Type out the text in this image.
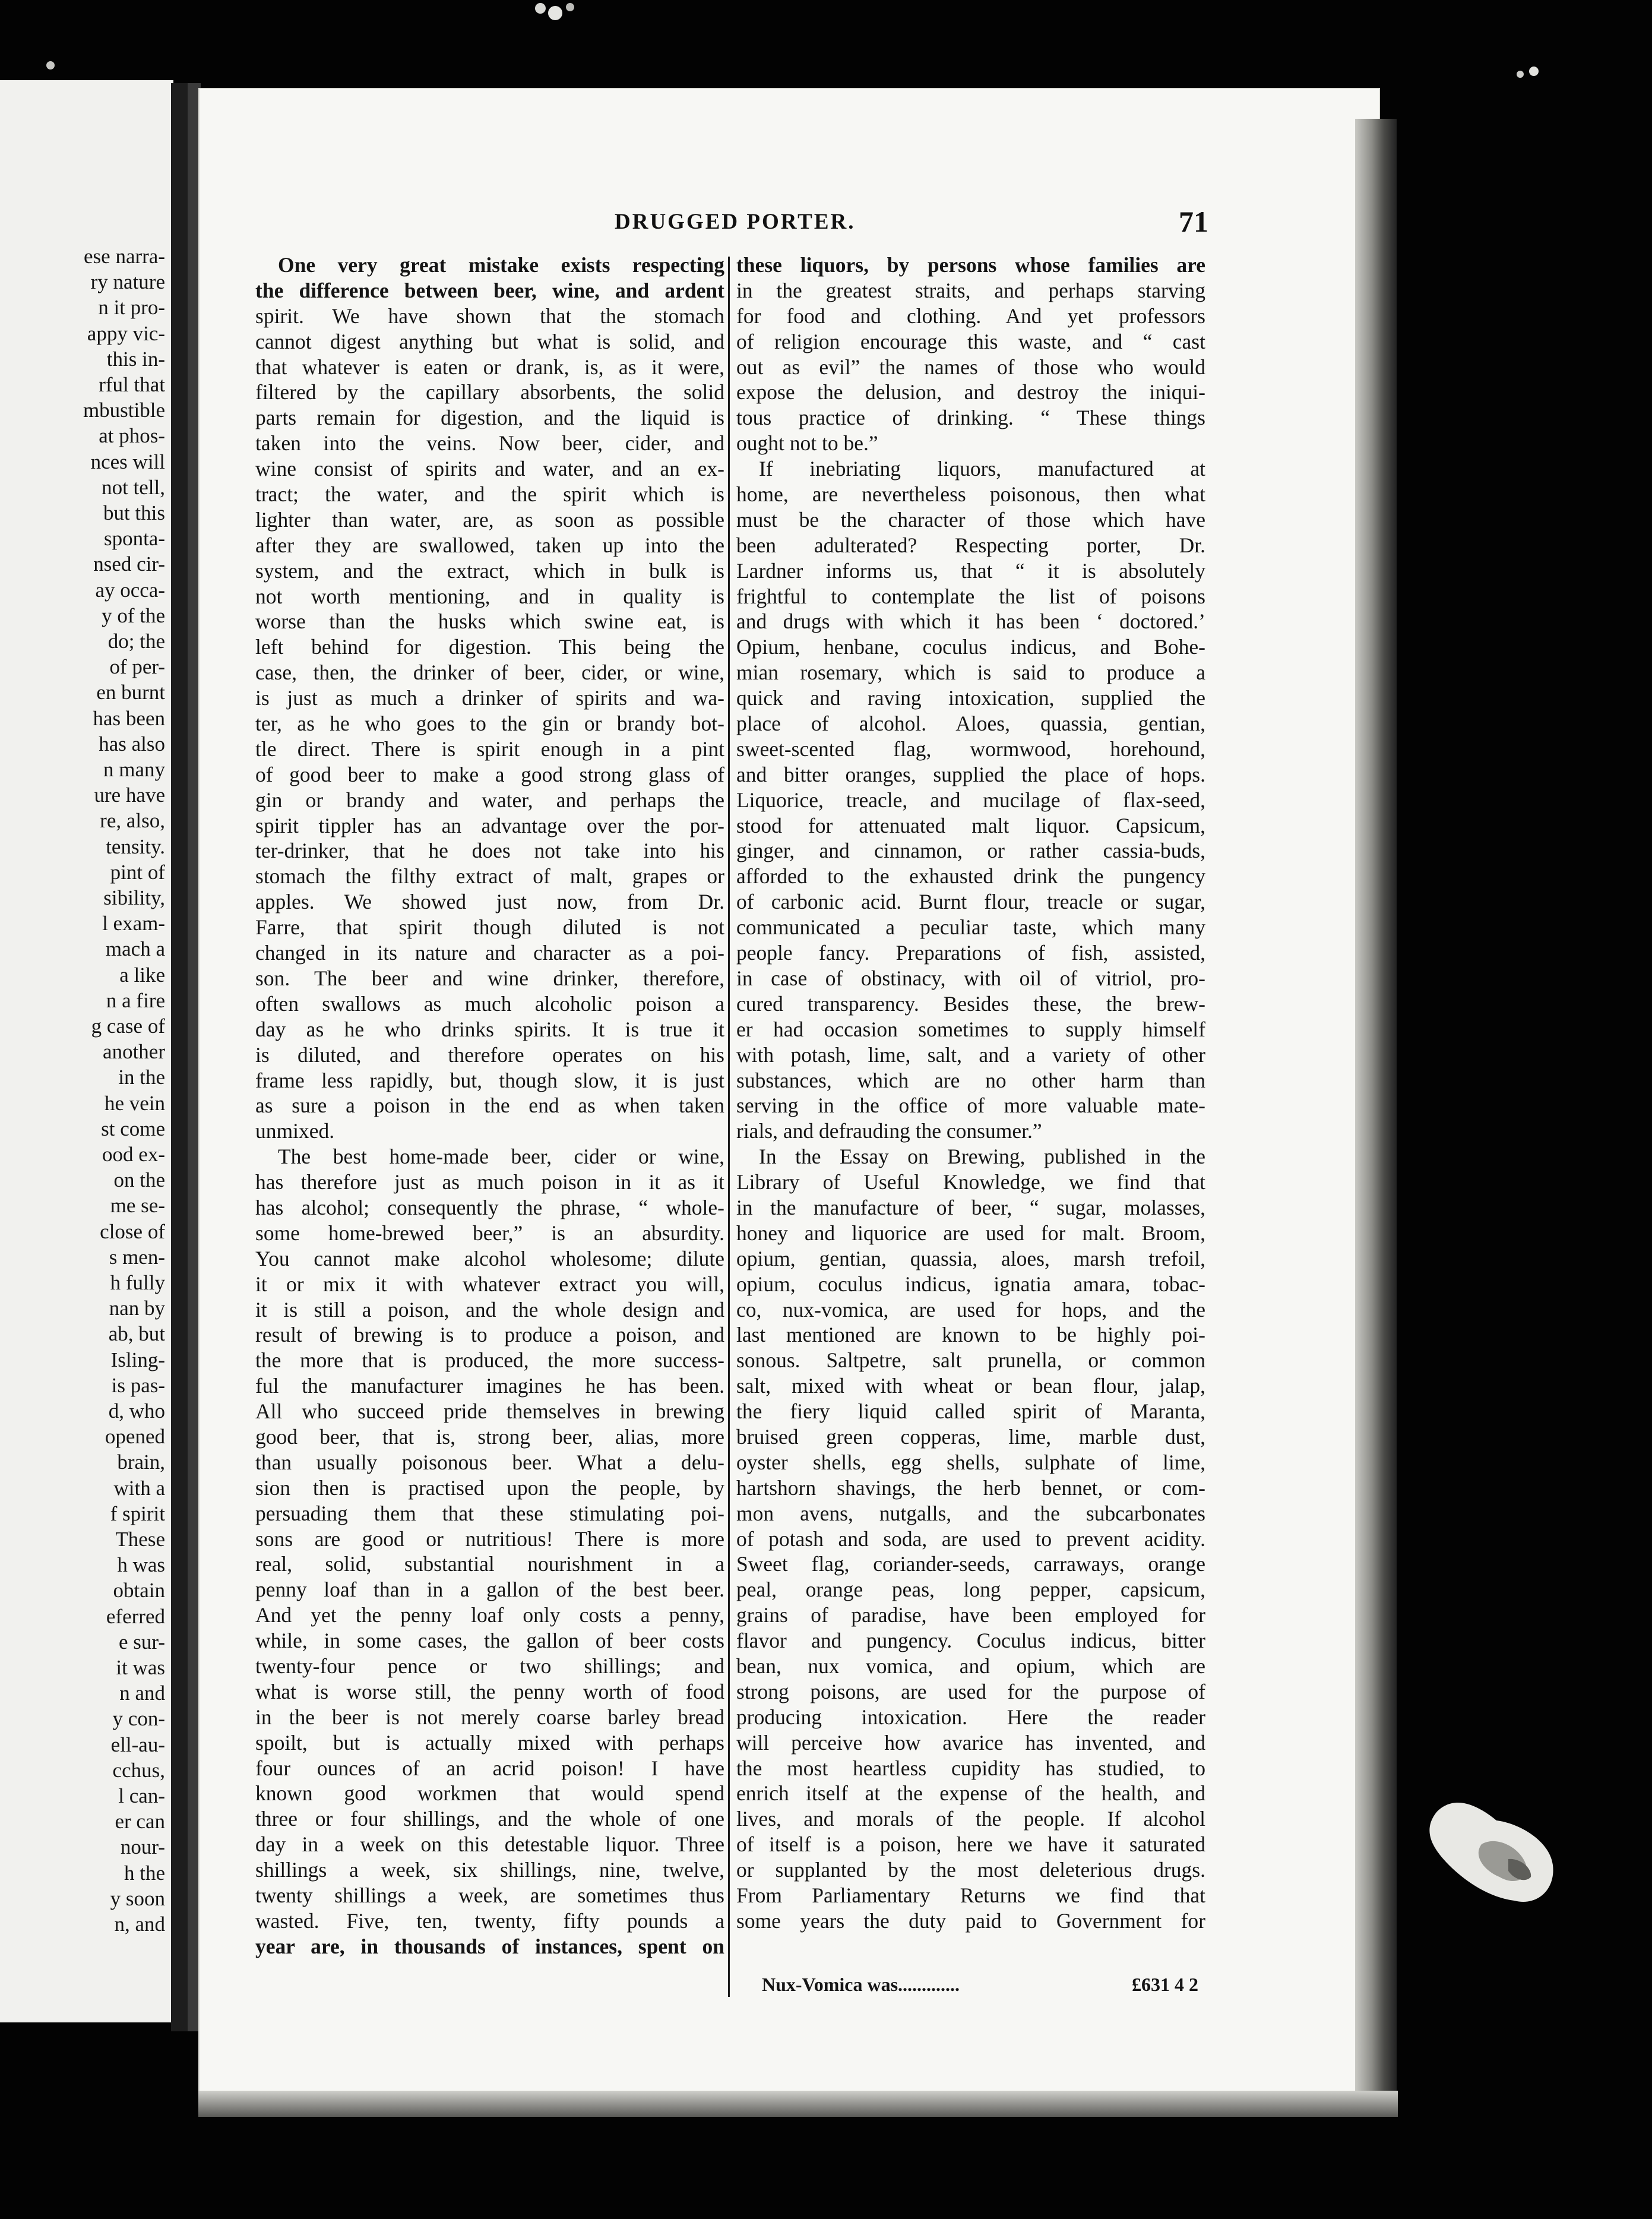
ese narra-
ry nature
n it pro-
appy vic-
this in-
rful that
mbustible
at phos-
nces will
not tell,
but this
sponta-
nsed cir-
ay occa-
y of the
do; the
of per-
en burnt
has been
has also
n many
ure have
re, also,
tensity.
pint of
sibility,
l exam-
mach a
a like
n a fire
g case of
another
in the
he vein
st come
ood ex-
on the
me se-
close of
s men-
h fully
nan by
ab, but
Isling-
is pas-
d, who
opened
brain,
with a
f spirit
These
h was
obtain
eferred
e sur-
it was
n and
y con-
ell-au-
cchus,
l can-
er can
nour-
h the
y soon
n, and
DRUGGED PORTER.	71
One very great mistake exists respecting
the difference between beer, wine, and ardent
spirit. We have shown that the stomach
cannot digest anything but what is solid, and
that whatever is eaten or drank, is, as it were,
filtered by the capillary absorbents, the solid
parts remain for digestion, and the liquid is
taken into the veins. Now beer, cider, and
wine consist of spirits and water, and an ex-
tract; the water, and the spirit which is
lighter than water, are, as soon as possible
after they are swallowed, taken up into the
system, and the extract, which in bulk is
not worth mentioning, and in quality is
worse than the husks which swine eat, is
left behind for digestion. This being the
case, then, the drinker of beer, cider, or wine,
is just as much a drinker of spirits and wa-
ter, as he who goes to the gin or brandy bot-
tle direct. There is spirit enough in a pint
of good beer to make a good strong glass of
gin or brandy and water, and perhaps the
spirit tippler has an advantage over the por-
ter-drinker, that he does not take into his
stomach the filthy extract of malt, grapes or
apples. We showed just now, from Dr.
Farre, that spirit though diluted is not
changed in its nature and character as a poi-
son. The beer and wine drinker, therefore,
often swallows as much alcoholic poison a
day as he who drinks spirits. It is true it
is diluted, and therefore operates on his
frame less rapidly, but, though slow, it is just
as sure a poison in the end as when taken
unmixed.
The best home-made beer, cider or wine,
has therefore just as much poison in it as it
has alcohol; consequently the phrase, “ whole-
some home-brewed beer,” is an absurdity.
You cannot make alcohol wholesome; dilute
it or mix it with whatever extract you will,
it is still a poison, and the whole design and
result of brewing is to produce a poison, and
the more that is produced, the more success-
ful the manufacturer imagines he has been.
All who succeed pride themselves in brewing
good beer, that is, strong beer, alias, more
than usually poisonous beer. What a delu-
sion then is practised upon the people, by
persuading them that these stimulating poi-
sons are good or nutritious! There is more
real, solid, substantial nourishment in a
penny loaf than in a gallon of the best beer.
And yet the penny loaf only costs a penny,
while, in some cases, the gallon of beer costs
twenty-four pence or two shillings; and
what is worse still, the penny worth of food
in the beer is not merely coarse barley bread
spoilt, but is actually mixed with perhaps
four ounces of an acrid poison! I have
known good workmen that would spend
three or four shillings, and the whole of one
day in a week on this detestable liquor. Three
shillings a week, six shillings, nine, twelve,
twenty shillings a week, are sometimes thus
wasted. Five, ten, twenty, fifty pounds a
year are, in thousands of instances, spent on
these liquors, by persons whose families are
in the greatest straits, and perhaps starving
for food and clothing. And yet professors
of religion encourage this waste, and “ cast
out as evil” the names of those who would
expose the delusion, and destroy the iniqui-
tous practice of drinking. “ These things
ought not to be.”
If inebriating liquors, manufactured at
home, are nevertheless poisonous, then what
must be the character of those which have
been adulterated? Respecting porter, Dr.
Lardner informs us, that “ it is absolutely
frightful to contemplate the list of poisons
and drugs with which it has been ‘ doctored.’
Opium, henbane, coculus indicus, and Bohe-
mian rosemary, which is said to produce a
quick and raving intoxication, supplied the
place of alcohol. Aloes, quassia, gentian,
sweet-scented flag, wormwood, horehound,
and bitter oranges, supplied the place of hops.
Liquorice, treacle, and mucilage of flax-seed,
stood for attenuated malt liquor. Capsicum,
ginger, and cinnamon, or rather cassia-buds,
afforded to the exhausted drink the pungency
of carbonic acid. Burnt flour, treacle or sugar,
communicated a peculiar taste, which many
people fancy. Preparations of fish, assisted,
in case of obstinacy, with oil of vitriol, pro-
cured transparency. Besides these, the brew-
er had occasion sometimes to supply himself
with potash, lime, salt, and a variety of other
substances, which are no other harm than
serving in the office of more valuable mate-
rials, and defrauding the consumer.”
In the Essay on Brewing, published in the
Library of Useful Knowledge, we find that
in the manufacture of beer, “ sugar, molasses,
honey and liquorice are used for malt. Broom,
opium, gentian, quassia, aloes, marsh trefoil,
opium, coculus indicus, ignatia amara, tobac-
co, nux-vomica, are used for hops, and the
last mentioned are known to be highly poi-
sonous. Saltpetre, salt prunella, or common
salt, mixed with wheat or bean flour, jalap,
the fiery liquid called spirit of Maranta,
bruised green copperas, lime, marble dust,
oyster shells, egg shells, sulphate of lime,
hartshorn shavings, the herb bennet, or com-
mon avens, nutgalls, and the subcarbonates
of potash and soda, are used to prevent acidity.
Sweet flag, coriander-seeds, carraways, orange
peal, orange peas, long pepper, capsicum,
grains of paradise, have been employed for
flavor and pungency. Coculus indicus, bitter
bean, nux vomica, and opium, which are
strong poisons, are used for the purpose of
producing intoxication. Here the reader
will perceive how avarice has invented, and
the most heartless cupidity has studied, to
enrich itself at the expense of the health, and
lives, and morals of the people. If alcohol
of itself is a poison, here we have it saturated
or supplanted by the most deleterious drugs.
From Parliamentary Returns we find that
some years the duty paid to Government for
Nux-Vomica was.............	£631 4 2
